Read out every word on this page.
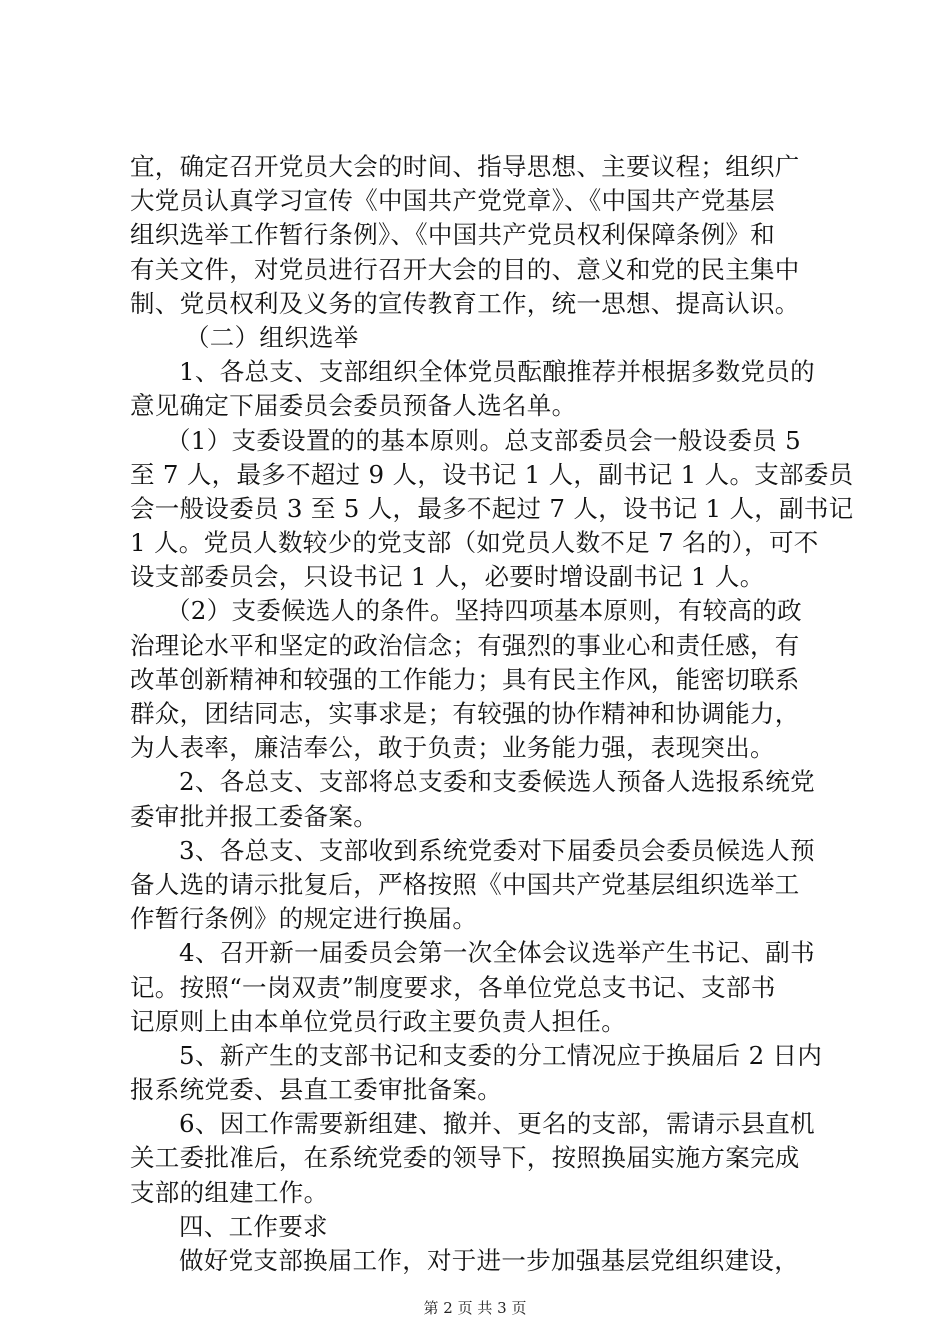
宜，确定召开党员大会的时间、指导思想、主要议程；组织广
大党员认真学习宣传《中国共产党党章》、《中国共产党基层
组织选举工作暂行条例》、《中国共产党员权利保障条例》和
有关文件，对党员进行召开大会的目的、意义和党的民主集中
制、党员权利及义务的宣传教育工作，统一思想、提高认识。
（二）组织选举
1、各总支、支部组织全体党员酝酿推荐并根据多数党员的
意见确定下届委员会委员预备人选名单。
（1）支委设置的的基本原则。总支部委员会一般设委员 5
至 7 人，最多不超过 9 人，设书记 1 人，副书记 1 人。支部委员
会一般设委员 3 至 5 人，最多不起过 7 人，设书记 1 人，副书记
1 人。党员人数较少的党支部（如党员人数不足 7 名的），可不
设支部委员会，只设书记 1 人，必要时增设副书记 1 人。
（2）支委候选人的条件。坚持四项基本原则，有较高的政
治理论水平和坚定的政治信念；有强烈的事业心和责任感，有
改革创新精神和较强的工作能力；具有民主作风，能密切联系
群众，团结同志，实事求是；有较强的协作精神和协调能力，
为人表率，廉洁奉公，敢于负责；业务能力强，表现突出。
2、各总支、支部将总支委和支委候选人预备人选报系统党
委审批并报工委备案。
3、各总支、支部收到系统党委对下届委员会委员候选人预
备人选的请示批复后，严格按照《中国共产党基层组织选举工
作暂行条例》的规定进行换届。
4、召开新一届委员会第一次全体会议选举产生书记、副书
记。按照“一岗双责”制度要求，各单位党总支书记、支部书
记原则上由本单位党员行政主要负责人担任。
5、新产生的支部书记和支委的分工情况应于换届后 2 日内
报系统党委、县直工委审批备案。
6、因工作需要新组建、撤并、更名的支部，需请示县直机
关工委批准后，在系统党委的领导下，按照换届实施方案完成
支部的组建工作。
四、工作要求
做好党支部换届工作，对于进一步加强基层党组织建设，
第 2 页 共 3 页
